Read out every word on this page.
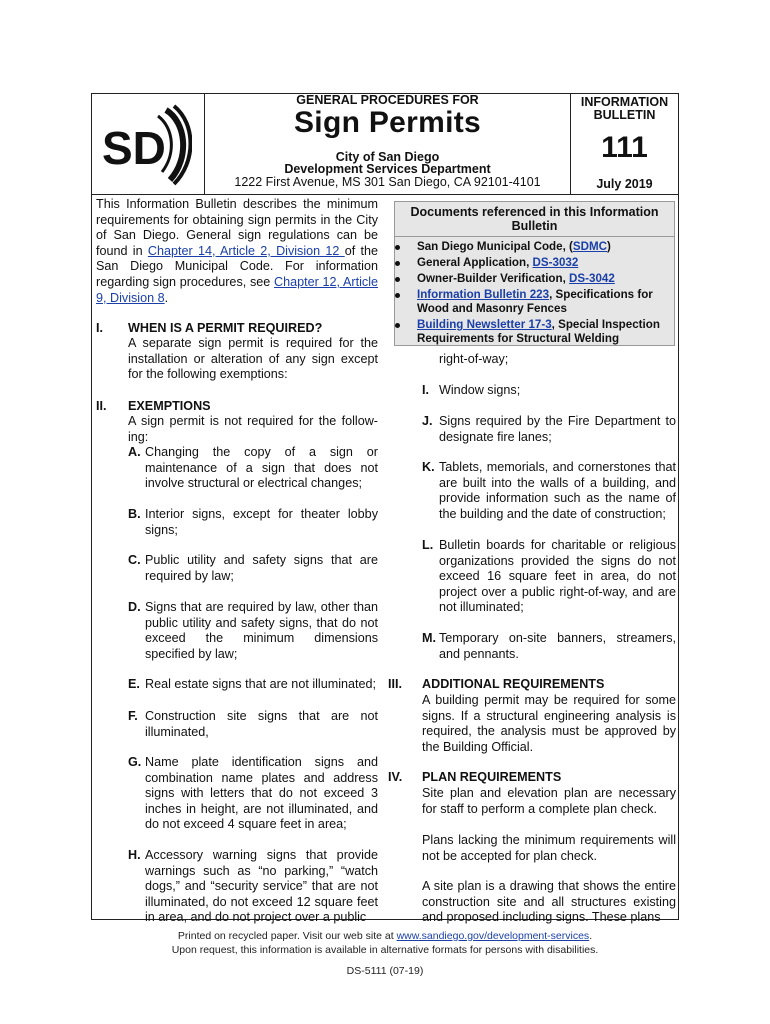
SD
GENERAL PROCEDURES FOR
Sign Permits
City of San Diego
Development Services Department
1222 First Avenue, MS 301 San Diego, CA 92101-4101
INFORMATION
BULLETIN
111
July 2019
This Information Bulletin describes the minimum requirements for obtaining sign permits in the City of San Diego. General sign regulations can be found in Chapter 14, Article 2, Division 12 of the San Diego Municipal Code. For information regarding sign procedures, see Chapter 12, Article 9, Division 8.
Documents referenced in this Information Bulletin
San Diego Municipal Code, (SDMC)
General Application, DS-3032
Owner-Builder Verification, DS-3042
Information Bulletin 223, Specifications for Wood and Masonry Fences
Building Newsletter 17-3, Special Inspection Requirements for Structural Welding
I. WHEN IS A PERMIT REQUIRED?
A separate sign permit is required for the installation or alteration of any sign except for the following exemptions:
II. EXEMPTIONS
A sign permit is not required for the follow-ing:
A. Changing the copy of a sign or maintenance of a sign that does not involve structural or electrical changes;
B. Interior signs, except for theater lobby signs;
C. Public utility and safety signs that are required by law;
D. Signs that are required by law, other than public utility and safety signs, that do not exceed the minimum dimensions specified by law;
E. Real estate signs that are not illuminated;
F. Construction site signs that are not illuminated,
G. Name plate identification signs and combination name plates and address signs with letters that do not exceed 3 inches in height, are not illuminated, and do not exceed 4 square feet in area;
H. Accessory warning signs that provide warnings such as “no parking,” “watch dogs,” and “security service” that are not illuminated, do not exceed 12 square feet in area, and do not project over a public
right-of-way;
I. Window signs;
J. Signs required by the Fire Department to designate fire lanes;
K. Tablets, memorials, and cornerstones that are built into the walls of a building, and provide information such as the name of the building and the date of construction;
L. Bulletin boards for charitable or religious organizations provided the signs do not exceed 16 square feet in area, do not project over a public right-of-way, and are not illuminated;
M. Temporary on-site banners, streamers, and pennants.
III. ADDITIONAL REQUIREMENTS
A building permit may be required for some signs. If a structural engineering analysis is required, the analysis must be approved by the Building Official.
IV. PLAN REQUIREMENTS
Site plan and elevation plan are necessary for staff to perform a complete plan check.
Plans lacking the minimum requirements will not be accepted for plan check.
A site plan is a drawing that shows the entire construction site and all structures existing and proposed including signs. These plans
Printed on recycled paper. Visit our web site at www.sandiego.gov/development-services.
Upon request, this information is available in alternative formats for persons with disabilities.
DS-5111 (07-19)
